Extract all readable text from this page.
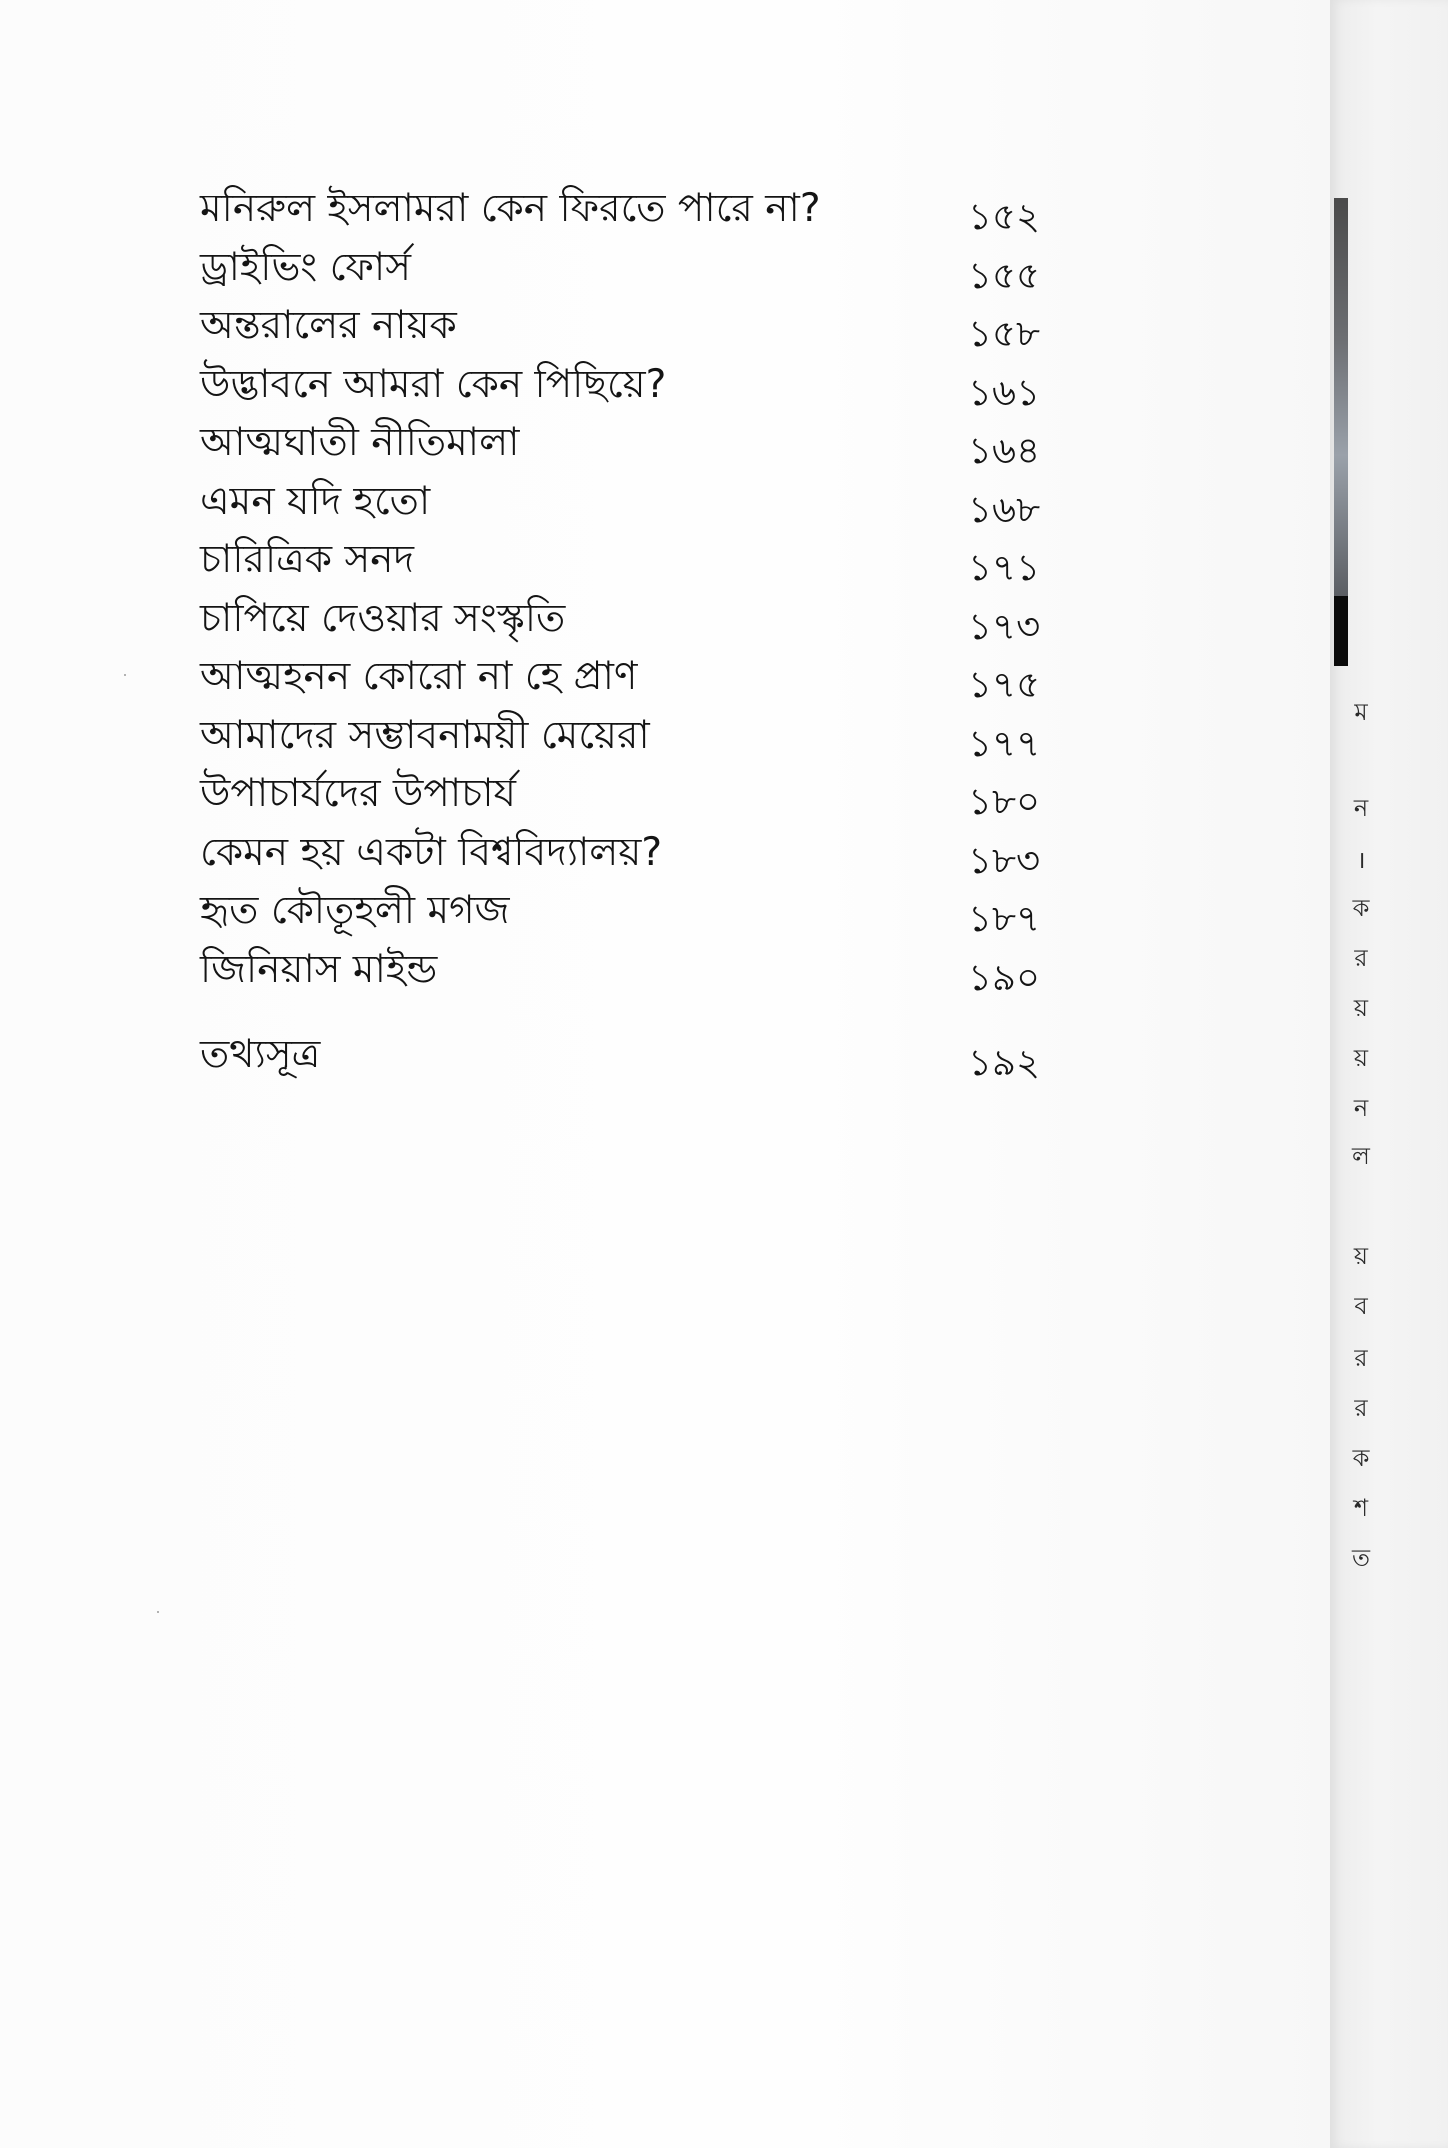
মনিরুল ইসলামরা কেন ফিরতে পারে না?	১৫২
ড্রাইভিং ফোর্স	১৫৫
অন্তরালের নায়ক	১৫৮
উদ্ভাবনে আমরা কেন পিছিয়ে?	১৬১
আত্মঘাতী নীতিমালা	১৬৪
এমন যদি হতো	১৬৮
চারিত্রিক সনদ	১৭১
চাপিয়ে দেওয়ার সংস্কৃতি	১৭৩
আত্মহনন কোরো না হে প্রাণ	১৭৫
আমাদের সম্ভাবনাময়ী মেয়েরা	১৭৭
উপাচার্যদের উপাচার্য	১৮০
কেমন হয় একটা বিশ্ববিদ্যালয়?	১৮৩
হৃত কৌতূহলী মগজ	১৮৭
জিনিয়াস মাইন্ড	১৯০
তথ্যসূত্র	১৯২
ম
ন
।
ক
র
য়
য়
ন
ল
য়
ব
র
র
ক
শ
ত
